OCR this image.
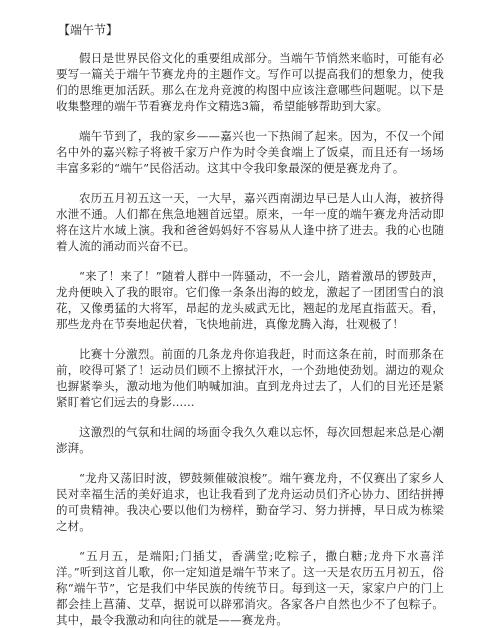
【端午节】

假日是世界民俗文化的重要组成部分。当端午节悄然来临时，可能有必要写一篇关于端午节赛龙舟的主题作文。写作可以提高我们的想象力，使我们的思维更加活跃。那么在龙舟竞渡的构图中应该注意哪些问题呢。以下是收集整理的端午节看赛龙舟作文精选3篇，希望能够帮助到大家。

端午节到了，我的家乡——嘉兴也一下热闹了起来。因为，不仅一个闻名中外的嘉兴粽子将被千家万户作为时令美食端上了饭桌，而且还有一场场丰富多彩的“端午”民俗活动。这其中令我印象最深的便是赛龙舟了。

农历五月初五这一天，一大早，嘉兴西南湖边早已是人山人海，被挤得水泄不通。人们都在焦急地翘首远望。原来，一年一度的端午赛龙舟活动即将在这片水域上演。我和爸爸妈妈好不容易从人逢中挤了进去。我的心也随着人流的涌动而兴奋不已。

“来了！来了！”随着人群中一阵骚动，不一会儿，踏着激昂的锣鼓声，龙舟便映入了我的眼帘。它们像一条条出海的蛟龙，激起了一团团雪白的浪花，又像勇猛的大将军，昂起的龙头威武无比，翘起的龙尾直指蓝天。看，那些龙舟在节奏地起伏着，飞快地前进，真像龙腾入海，壮观极了！

比赛十分激烈。前面的几条龙舟你追我赶，时而这条在前，时而那条在前，咬得可紧了！运动员们顾不上擦拭汗水，一个劲地使劲划。湖边的观众也摒紧拳头，激动地为他们呐喊加油。直到龙舟过去了，人们的目光还是紧紧盯着它们远去的身影......

这激烈的气氛和壮阔的场面令我久久难以忘怀，每次回想起来总是心潮澎湃。

“龙舟又荡旧时波，锣鼓频催破浪梭”。端午赛龙舟，不仅赛出了家乡人民对幸福生活的美好追求，也让我看到了龙舟运动员们齐心协力、团结拼搏的可贵精神。我决心要以他们为榜样，勤奋学习、努力拼搏，早日成为栋梁之材。

“五月五，是端阳;门插艾，香满堂;吃粽子，撒白糖;龙舟下水喜洋洋。”听到这首儿歌，你一定知道是端午节来了。这一天是农历五月初五，俗称“端午节”，它是我们中华民族的传统节日。每到这一天，家家户户的门上都会挂上菖蒲、艾草，据说可以辟邪消灾。各家各户自然也少不了包粽子。其中，最令我激动和向往的就是——赛龙舟。
